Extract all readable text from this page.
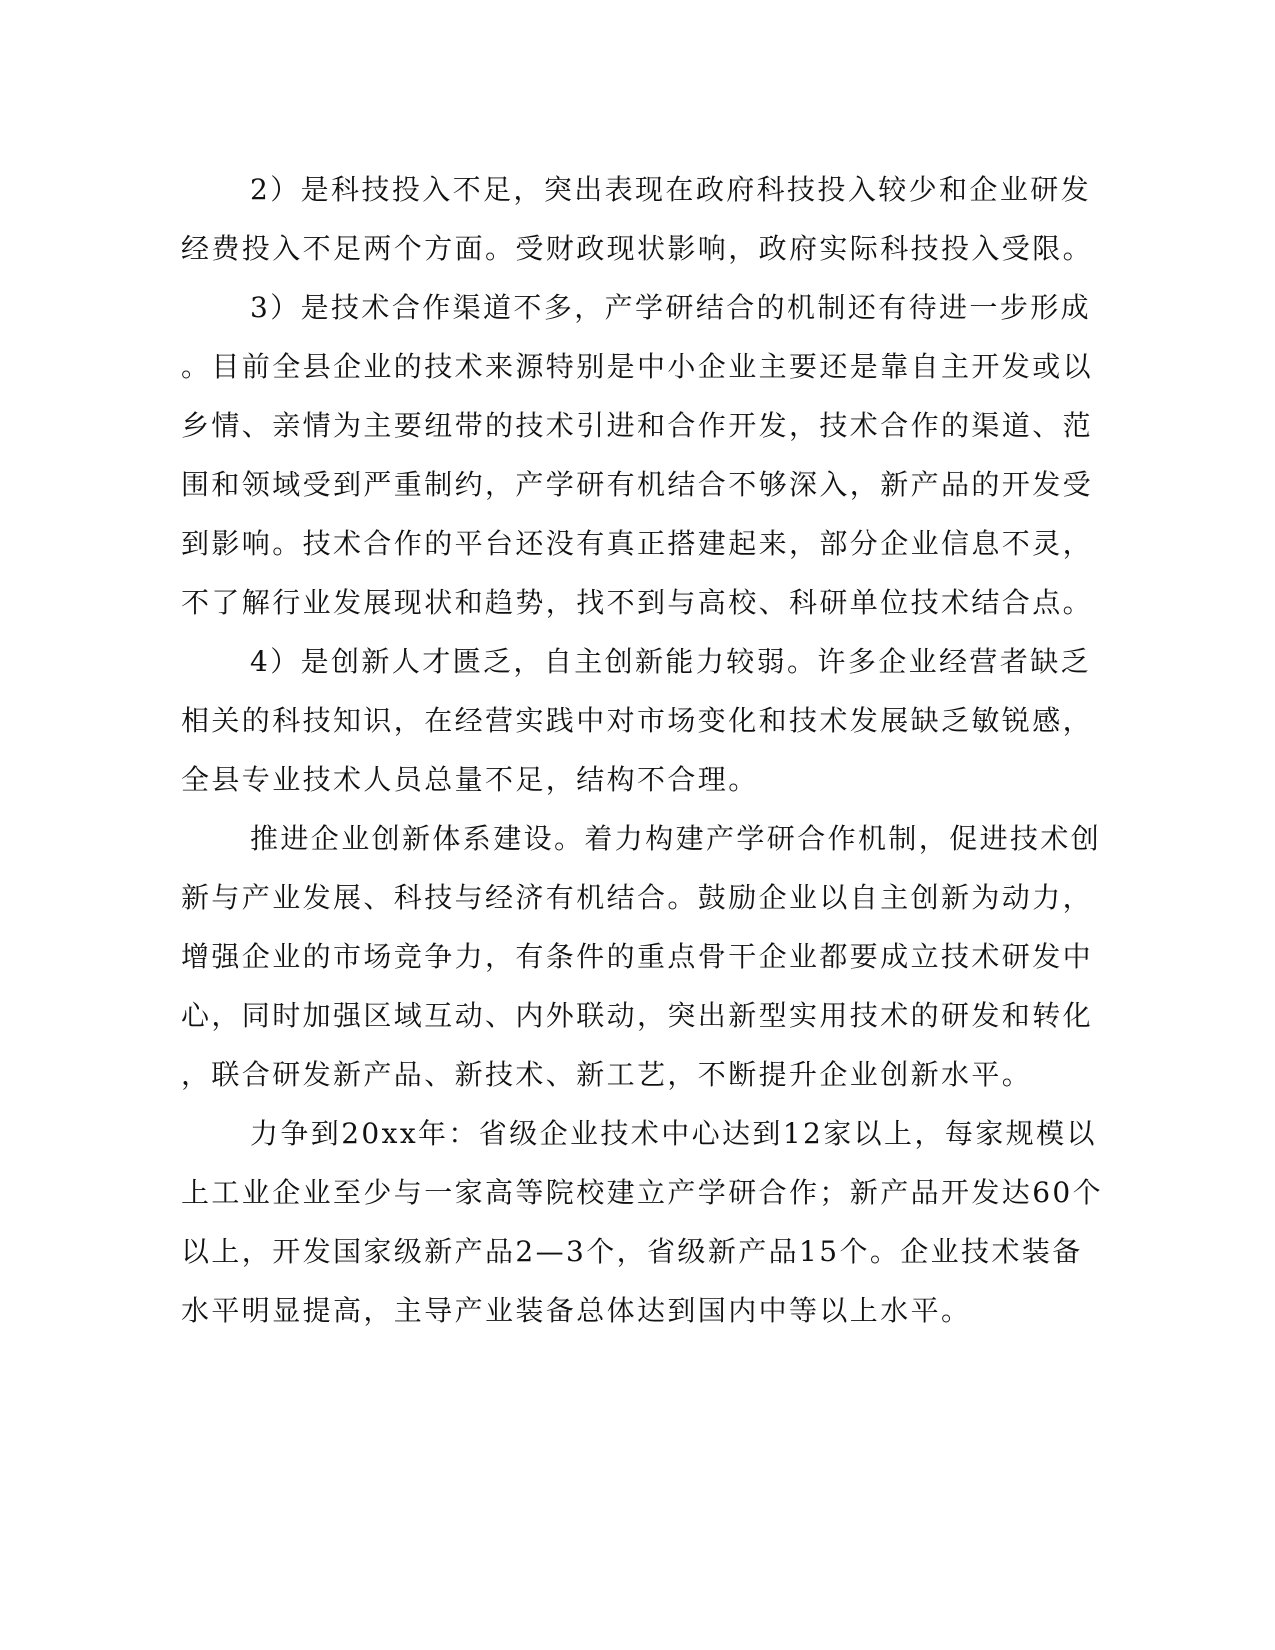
2）是科技投入不足，突出表现在政府科技投入较少和企业研发
经费投入不足两个方面。受财政现状影响，政府实际科技投入受限。

3）是技术合作渠道不多，产学研结合的机制还有待进一步形成
。目前全县企业的技术来源特别是中小企业主要还是靠自主开发或以
乡情、亲情为主要纽带的技术引进和合作开发，技术合作的渠道、范
围和领域受到严重制约，产学研有机结合不够深入，新产品的开发受
到影响。技术合作的平台还没有真正搭建起来，部分企业信息不灵，
不了解行业发展现状和趋势，找不到与高校、科研单位技术结合点。

4）是创新人才匮乏，自主创新能力较弱。许多企业经营者缺乏
相关的科技知识，在经营实践中对市场变化和技术发展缺乏敏锐感，
全县专业技术人员总量不足，结构不合理。

推进企业创新体系建设。着力构建产学研合作机制，促进技术创
新与产业发展、科技与经济有机结合。鼓励企业以自主创新为动力，
增强企业的市场竞争力，有条件的重点骨干企业都要成立技术研发中
心，同时加强区域互动、内外联动，突出新型实用技术的研发和转化
，联合研发新产品、新技术、新工艺，不断提升企业创新水平。

力争到20xx年：省级企业技术中心达到12家以上，每家规模以
上工业企业至少与一家高等院校建立产学研合作；新产品开发达60个
以上，开发国家级新产品2—3个，省级新产品15个。企业技术装备
水平明显提高，主导产业装备总体达到国内中等以上水平。
